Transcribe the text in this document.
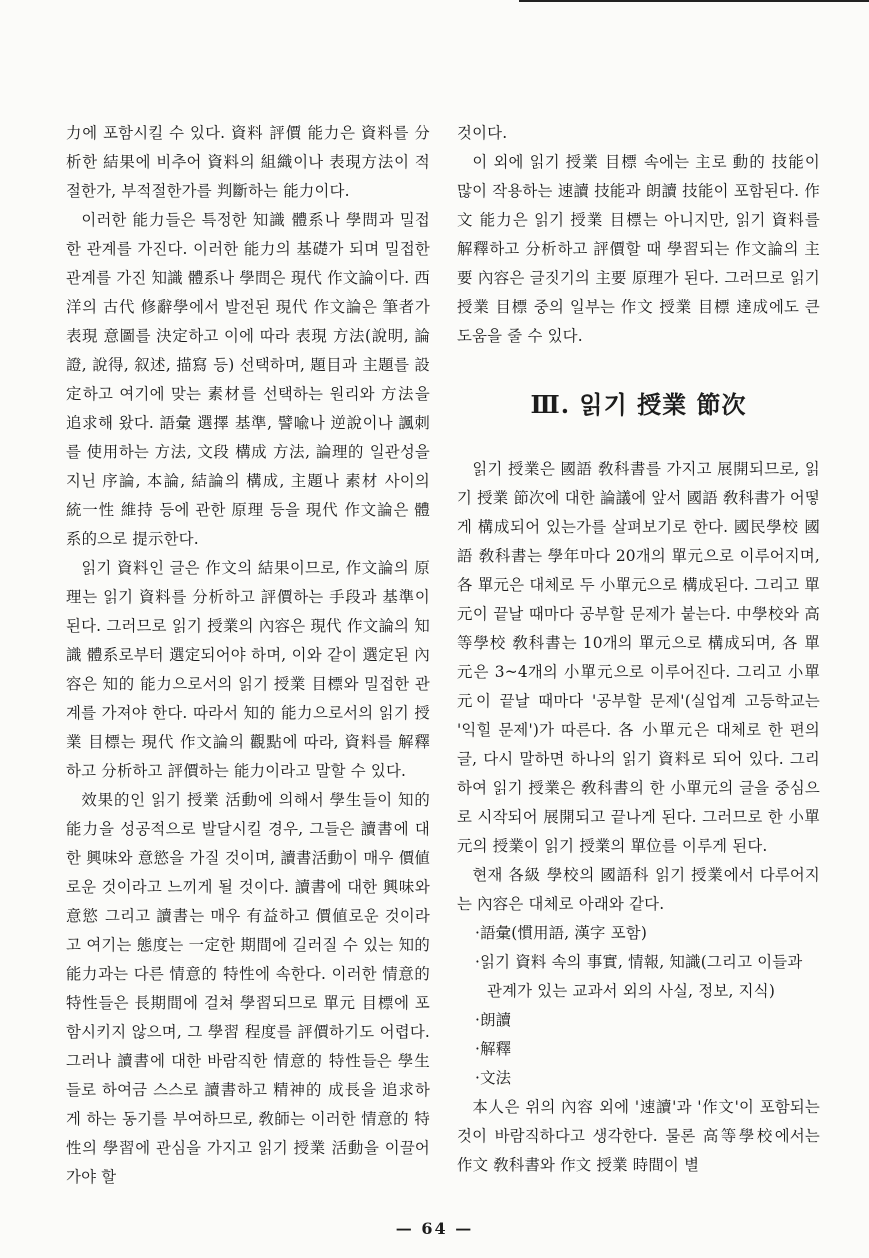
力에 포함시킬 수 있다. 資料 評價 能力은 資料를 分析한 結果에 비추어 資料의 組織이나 表現方法이 적절한가, 부적절한가를 判斷하는 能力이다.

이러한 能力들은 특정한 知識 體系나 學問과 밀접한 관계를 가진다. 이러한 能力의 基礎가 되며 밀접한 관계를 가진 知識 體系나 學問은 現代 作文論이다. 西洋의 古代 修辭學에서 발전된 現代 作文論은 筆者가 表現 意圖를 決定하고 이에 따라 表現 方法(說明, 論證, 說得, 叙述, 描寫 등) 선택하며, 題目과 主題를 設定하고 여기에 맞는 素材를 선택하는 원리와 方法을 追求해 왔다. 語彙 選擇 基準, 譬喩나 逆說이나 諷刺를 使用하는 方法, 文段 構成 方法, 論理的 일관성을 지닌 序論, 本論, 結論의 構成, 主題나 素材 사이의 統一性 維持 등에 관한 原理 등을 現代 作文論은 體系的으로 提示한다.

읽기 資料인 글은 作文의 結果이므로, 作文論의 原理는 읽기 資料를 分析하고 評價하는 手段과 基準이 된다. 그러므로 읽기 授業의 內容은 現代 作文論의 知識 體系로부터 選定되어야 하며, 이와 같이 選定된 內容은 知的 能力으로서의 읽기 授業 目標와 밀접한 관계를 가져야 한다. 따라서 知的 能力으로서의 읽기 授業 目標는 現代 作文論의 觀點에 따라, 資料를 解釋하고 分析하고 評價하는 能力이라고 말할 수 있다.

效果的인 읽기 授業 活動에 의해서 學生들이 知的 能力을 성공적으로 발달시킬 경우, 그들은 讀書에 대한 興味와 意慾을 가질 것이며, 讀書活動이 매우 價値로운 것이라고 느끼게 될 것이다. 讀書에 대한 興味와 意慾 그리고 讀書는 매우 有益하고 價値로운 것이라고 여기는 態度는 一定한 期間에 길러질 수 있는 知的 能力과는 다른 情意的 特性에 속한다. 이러한 情意的 特性들은 長期間에 걸쳐 學習되므로 單元 目標에 포함시키지 않으며, 그 學習 程度를 評價하기도 어렵다. 그러나 讀書에 대한 바람직한 情意的 特性들은 學生들로 하여금 스스로 讀書하고 精神的 成長을 追求하게 하는 동기를 부여하므로, 敎師는 이러한 情意的 特性의 學習에 관심을 가지고 읽기 授業 活動을 이끌어가야 할

것이다.

이 외에 읽기 授業 目標 속에는 主로 動的 技能이 많이 작용하는 速讀 技能과 朗讀 技能이 포함된다. 作文 能力은 읽기 授業 目標는 아니지만, 읽기 資料를 解釋하고 分析하고 評價할 때 學習되는 作文論의 主要 內容은 글짓기의 主要 原理가 된다. 그러므로 읽기 授業 目標 중의 일부는 作文 授業 目標 達成에도 큰 도움을 줄 수 있다.

Ⅲ. 읽기 授業 節次

읽기 授業은 國語 敎科書를 가지고 展開되므로, 읽기 授業 節次에 대한 論議에 앞서 國語 敎科書가 어떻게 構成되어 있는가를 살펴보기로 한다. 國民學校 國語 敎科書는 學年마다 20개의 單元으로 이루어지며, 各 單元은 대체로 두 小單元으로 構成된다. 그리고 單元이 끝날 때마다 공부할 문제가 붙는다. 中學校와 高等學校 敎科書는 10개의 單元으로 構成되며, 各 單元은 3~4개의 小單元으로 이루어진다. 그리고 小單元이 끝날 때마다 '공부할 문제'(실업계 고등학교는 '익힐 문제')가 따른다. 各 小單元은 대체로 한 편의 글, 다시 말하면 하나의 읽기 資料로 되어 있다. 그리하여 읽기 授業은 敎科書의 한 小單元의 글을 중심으로 시작되어 展開되고 끝나게 된다. 그러므로 한 小單元의 授業이 읽기 授業의 單位를 이루게 된다.

현재 各級 學校의 國語科 읽기 授業에서 다루어지는 內容은 대체로 아래와 같다.

·語彙(慣用語, 漢字 포함)
·읽기 資料 속의 事實, 情報, 知識(그리고 이들과 관계가 있는 교과서 외의 사실, 정보, 지식)
·朗讀
·解釋
·文法

本人은 위의 內容 외에 '速讀'과 '作文'이 포함되는 것이 바람직하다고 생각한다. 물론 高等學校에서는 作文 敎科書와 作文 授業 時間이 별

— 64 —
